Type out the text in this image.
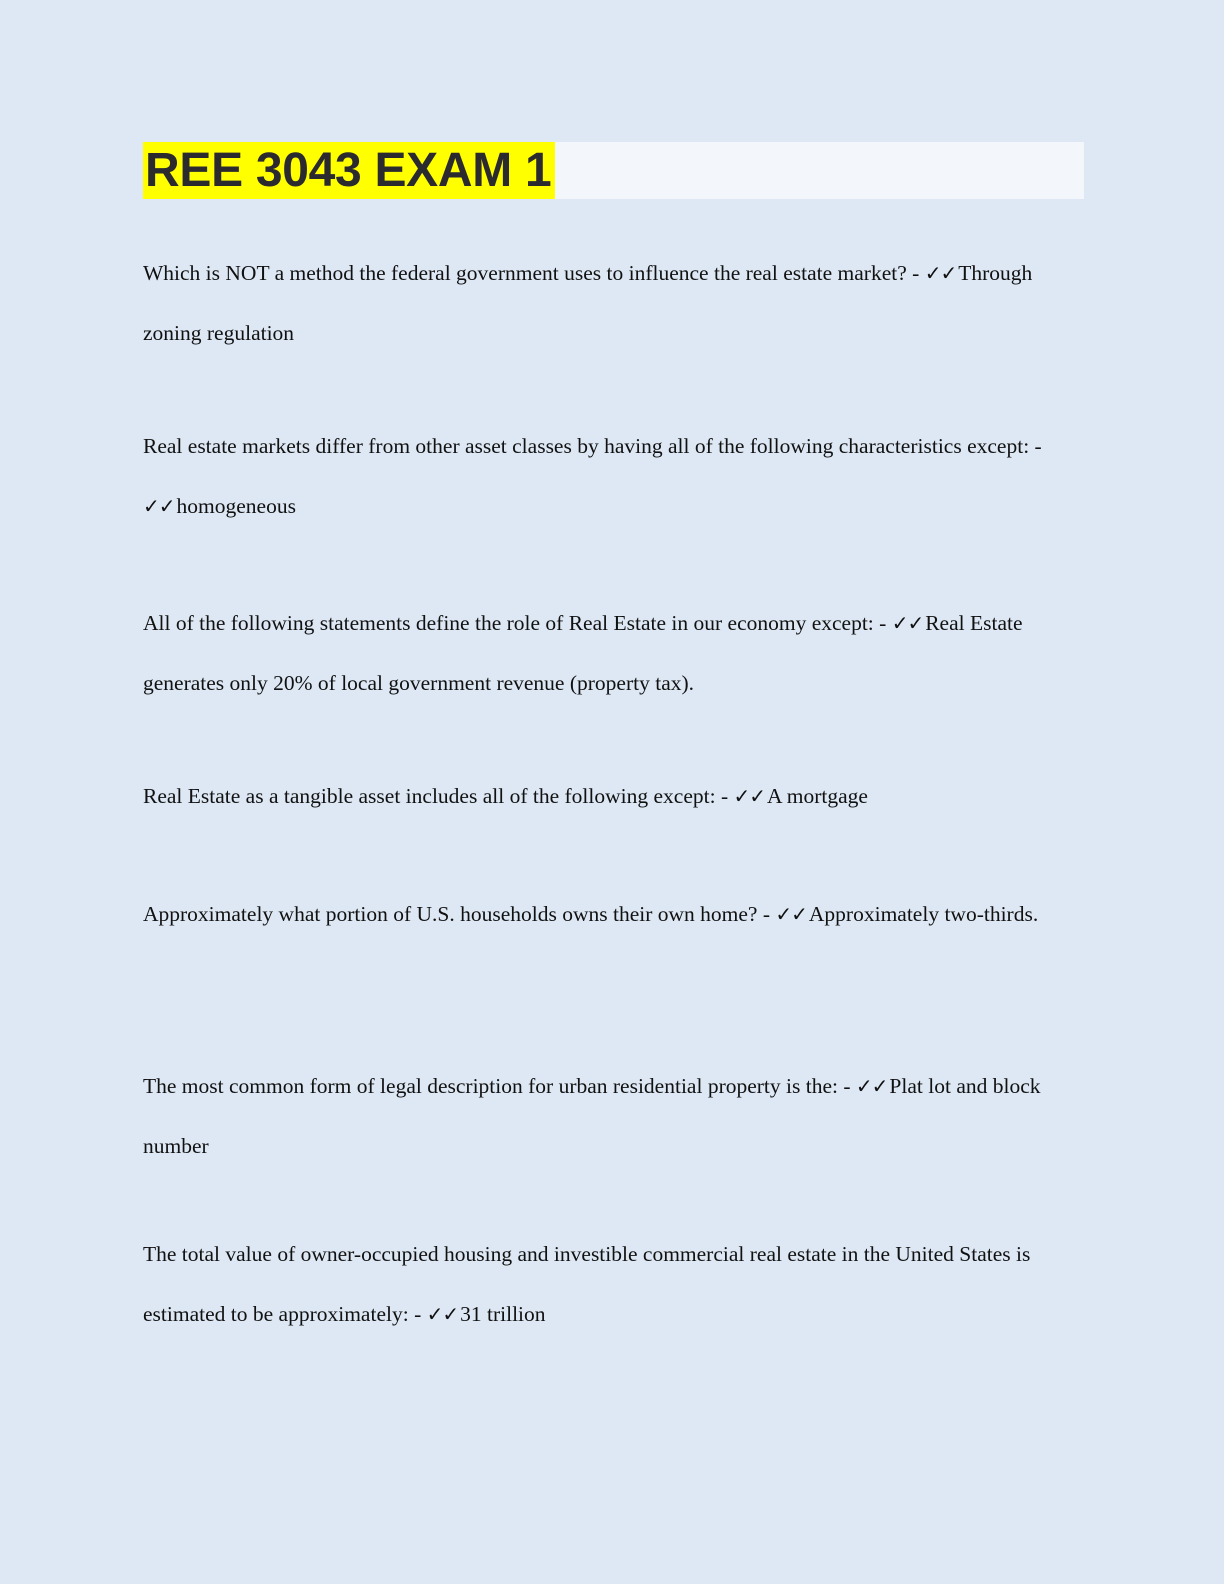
REE 3043 EXAM 1

Which is NOT a method the federal government uses to influence the real estate market? - ✓✓Through zoning regulation

Real estate markets differ from other asset classes by having all of the following characteristics except: - ✓✓homogeneous

All of the following statements define the role of Real Estate in our economy except: - ✓✓Real Estate generates only 20% of local government revenue (property tax).

Real Estate as a tangible asset includes all of the following except: - ✓✓A mortgage

Approximately what portion of U.S. households owns their own home? - ✓✓Approximately two-thirds.

The most common form of legal description for urban residential property is the: - ✓✓Plat lot and block number

The total value of owner-occupied housing and investible commercial real estate in the United States is estimated to be approximately: - ✓✓31 trillion
